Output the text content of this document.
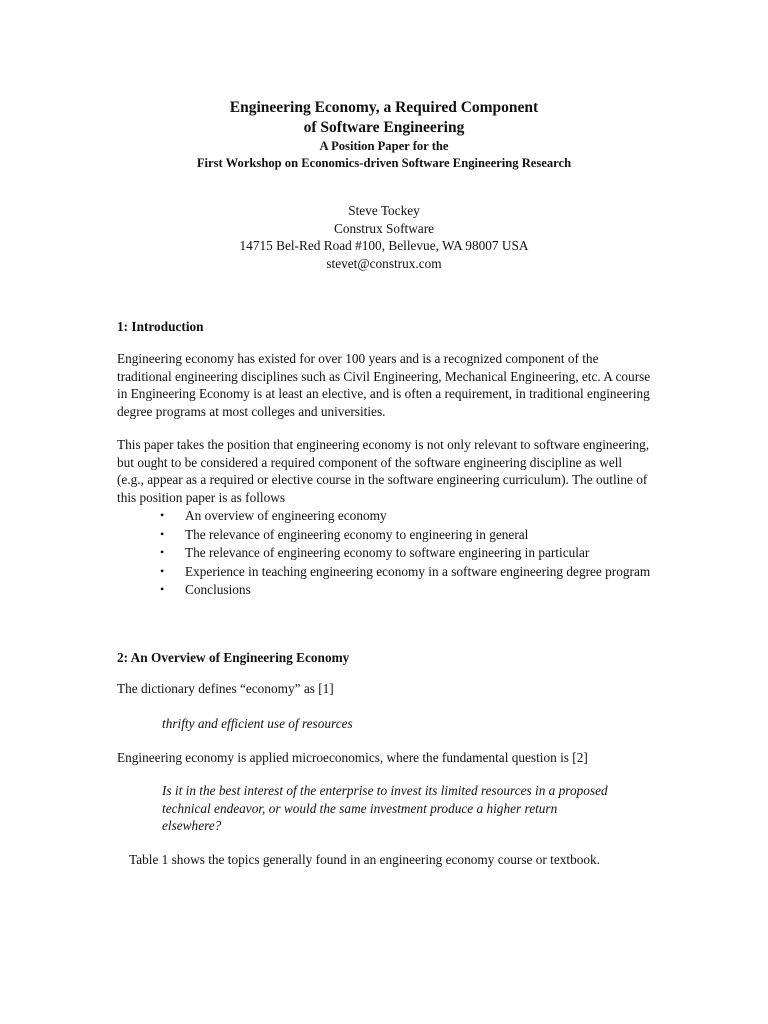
Engineering Economy, a Required Component
of Software Engineering
A Position Paper for the
First Workshop on Economics-driven Software Engineering Research
Steve Tockey
Construx Software
14715 Bel-Red Road #100, Bellevue, WA 98007 USA
stevet@construx.com
1: Introduction
Engineering economy has existed for over 100 years and is a recognized component of the traditional engineering disciplines such as Civil Engineering, Mechanical Engineering, etc. A course in Engineering Economy is at least an elective, and is often a requirement, in traditional engineering degree programs at most colleges and universities.
This paper takes the position that engineering economy is not only relevant to software engineering, but ought to be considered a required component of the software engineering discipline as well (e.g., appear as a required or elective course in the software engineering curriculum). The outline of this position paper is as follows
• An overview of engineering economy
• The relevance of engineering economy to engineering in general
• The relevance of engineering economy to software engineering in particular
• Experience in teaching engineering economy in a software engineering degree program
• Conclusions
2: An Overview of Engineering Economy
The dictionary defines “economy” as [1]
thrifty and efficient use of resources
Engineering economy is applied microeconomics, where the fundamental question is [2]
Is it in the best interest of the enterprise to invest its limited resources in a proposed technical endeavor, or would the same investment produce a higher return elsewhere?
Table 1 shows the topics generally found in an engineering economy course or textbook.
